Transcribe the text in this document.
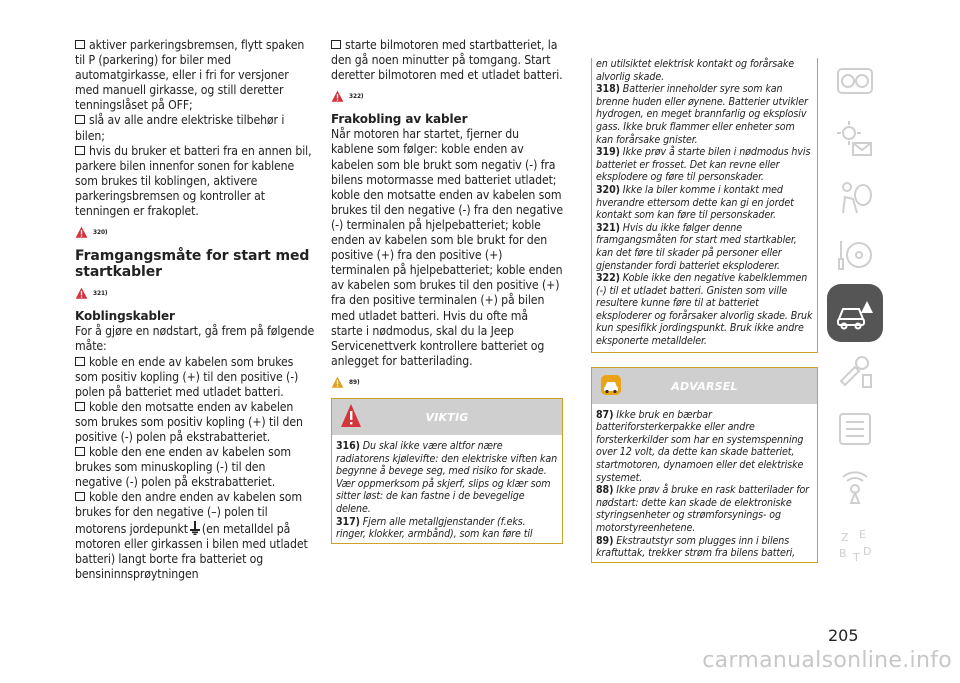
aktiver parkeringsbremsen, flytt spaken til P (parkering) for biler med automatgirkasse, eller i fri for versjoner med manuell girkasse, og still deretter tenningslåset på OFF;

slå av alle andre elektriske tilbehør i bilen;

hvis du bruker et batteri fra en annen bil, parkere bilen innenfor sonen for kablene som brukes til koblingen, aktivere parkeringsbremsen og kontroller at tenningen er frakoplet.

320)
Framgangsmåte for start med startkabler
321)
Koblingskabler

For å gjøre en nødstart, gå frem på følgende måte:

koble en ende av kabelen som brukes som positiv kopling (+) til den positive (-) polen på batteriet med utladet batteri.

koble den motsatte enden av kabelen som brukes som positiv kopling (+) til den positive (-) polen på ekstrabatteriet.

koble den ene enden av kabelen som brukes som minuskopling (-) til den negative (-) polen på ekstrabatteriet.

koble den andre enden av kabelen som brukes for den negative (–) polen til motorens jordepunkt (en metalldel på motoren eller girkassen i bilen med utladet batteri) langt borte fra batteriet og bensininnsprøytningen

starte bilmotoren med startbatteriet, la den gå noen minutter på tomgang. Start deretter bilmotoren med et utladet batteri.

322)
Frakobling av kabler

Når motoren har startet, fjerner du kablene som følger: koble enden av kabelen som ble brukt som negativ (-) fra bilens motormasse med batteriet utladet; koble den motsatte enden av kabelen som brukes til den negative (-) fra den negative (-) terminalen på hjelpebatteriet; koble enden av kabelen som ble brukt for den positive (+) fra den positive (+) terminalen på hjelpebatteriet; koble enden av kabelen som brukes til den positive (+) fra den positive terminalen (+) på bilen med utladet batteri. Hvis du ofte må starte i nødmodus, skal du la Jeep Servicenettverk kontrollere batteriet og anlegget for batterilading.

89)
VIKTIG

316) Du skal ikke være altfor nære radiatorens kjølevifte: den elektriske viften kan begynne å bevege seg, med risiko for skade. Vær oppmerksom på skjerf, slips og klær som sitter løst: de kan fastne i de bevegelige delene.

317) Fjern alle metallgjenstander (f.eks. ringer, klokker, armbånd), som kan føre til

en utilsiktet elektrisk kontakt og forårsake alvorlig skade.

318) Batterier inneholder syre som kan brenne huden eller øynene. Batterier utvikler hydrogen, en meget brannfarlig og eksplosiv gass. Ikke bruk flammer eller enheter som kan forårsake gnister.

319) Ikke prøv å starte bilen i nødmodus hvis batteriet er frosset. Det kan revne eller eksplodere og føre til personskader.

320) Ikke la biler komme i kontakt med hverandre ettersom dette kan gi en jordet kontakt som kan føre til personskader.

321) Hvis du ikke følger denne framgangsmåten for start med startkabler, kan det føre til skader på personer eller gjenstander fordi batteriet eksploderer.

322) Koble ikke den negative kabelklemmen (-) til et utladet batteri. Gnisten som ville resultere kunne føre til at batteriet eksploderer og forårsaker alvorlig skade. Bruk kun spesifikk jordingspunkt. Bruk ikke andre eksponerte metalldeler.

ADVARSEL

87) Ikke bruk en bærbar batteriforsterkerpakke eller andre forsterkerkilder som har en systemspenning over 12 volt, da dette kan skade batteriet, startmotoren, dynamoen eller det elektriske systemet.

88) Ikke prøv å bruke en rask batterilader for nødstart: dette kan skade de elektroniske styringsenheter og strømforsynings- og motorstyreenhetene.

89) Ekstrautstyr som plugges inn i bilens kraftuttak, trekker strøm fra bilens batteri,

Z E
B T D
205
carmanualsonline.info
